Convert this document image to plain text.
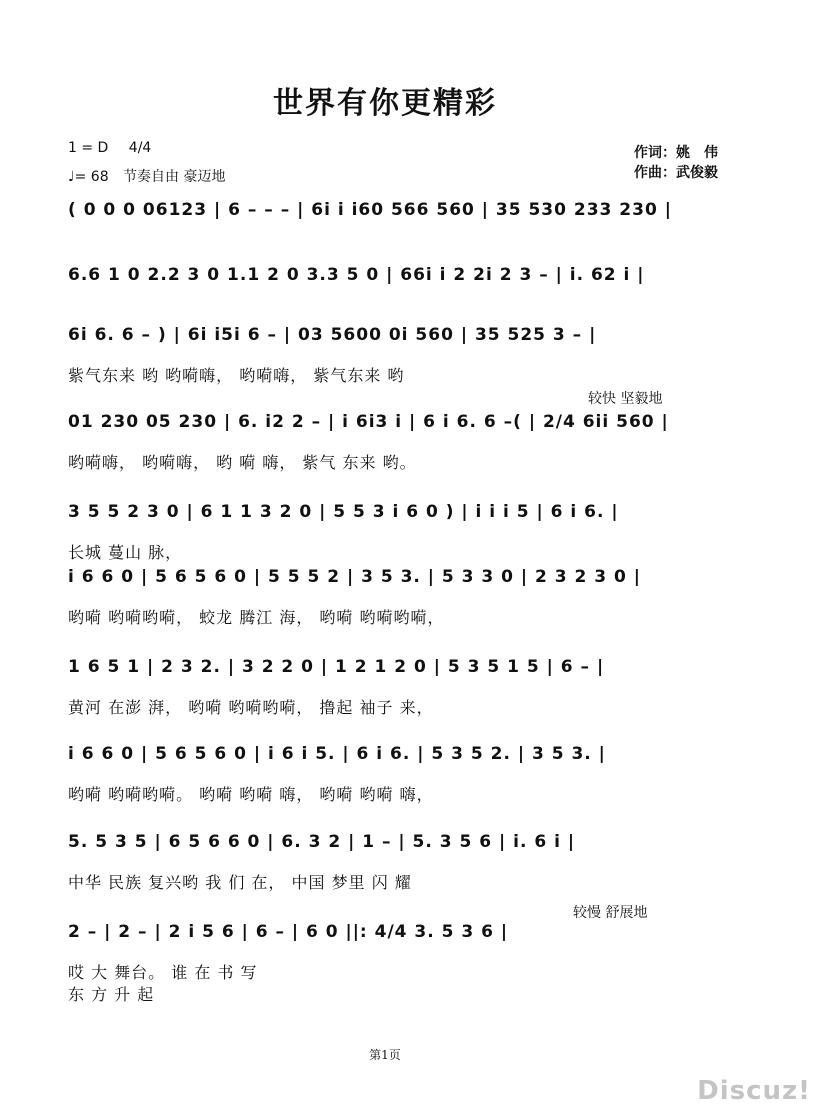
世界有你更精彩
1 = D 4/4
♩= 68 节奏自由 豪迈地
作词：姚　伟
作曲：武俊毅
( 0 0 0 06123 | 6 – – – | 6i i i60 566 560 | 35 530 233 230 |
6.6 1 0 2.2 3 0 1.1 2 0 3.3 5 0 | 66i i 2 2i 2 3 – | i. 62 i |
6i 6. 6 – ) | 6i i5i 6 – | 03 5600 0i 560 | 35 525 3 – |
紫气东来 哟 哟嗬嗨， 哟嗬嗨， 紫气东来 哟
较快 坚毅地
01 230 05 230 | 6. i2 2 – | i 6i3 i | 6 i 6. 6 –( | 2/4 6ii 560 |
哟嗬嗨， 哟嗬嗨， 哟 嗬 嗨， 紫气 东来 哟。
3 5 5 2 3 0 | 6 1 1 3 2 0 | 5 5 3 i 6 0 ) | i i i 5 | 6 i 6. |
长城 蔓山 脉，
i 6 6 0 | 5 6 5 6 0 | 5 5 5 2 | 3 5 3. | 5 3 3 0 | 2 3 2 3 0 |
哟嗬 哟嗬哟嗬， 蛟龙 腾江 海， 哟嗬 哟嗬哟嗬，
1 6 5 1 | 2 3 2. | 3 2 2 0 | 1 2 1 2 0 | 5 3 5 1 5 | 6 – |
黄河 在澎 湃， 哟嗬 哟嗬哟嗬， 撸起 袖子 来，
i 6 6 0 | 5 6 5 6 0 | i 6 i 5. | 6 i 6. | 5 3 5 2. | 3 5 3. |
哟嗬 哟嗬哟嗬。 哟嗬 哟嗬 嗨， 哟嗬 哟嗬 嗨，
5. 5 3 5 | 6 5 6 6 0 | 6. 3 2 | 1 – | 5. 3 5 6 | i. 6 i |
中华 民族 复兴哟 我 们 在， 中国 梦里 闪 耀
较慢 舒展地
2 – | 2 – | 2 i 5 6 | 6 – | 6 0 ||: 4/4 3. 5 3 6 |
哎 大 舞台。 谁 在 书 写
东 方 升 起
第1页
Discuz!
